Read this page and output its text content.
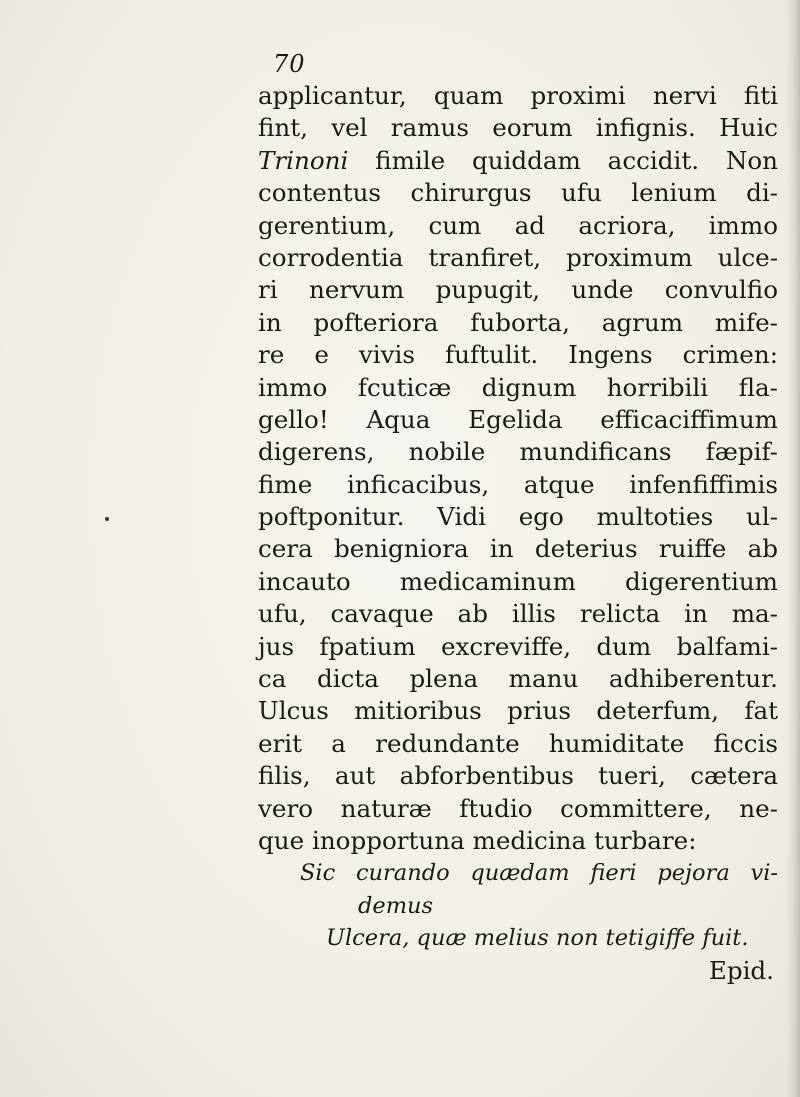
70
applicantur, quam proximi nervi fiti
fint, vel ramus eorum infignis. Huic
Trinoni fimile quiddam accidit. Non
contentus chirurgus ufu lenium di-
gerentium, cum ad acriora, immo
corrodentia tranfiret, proximum ulce-
ri nervum pupugit, unde convulfio
in pofteriora fuborta, agrum mife-
re e vivis fuftulit. Ingens crimen:
immo fcuticæ dignum horribili fla-
gello! Aqua Egelida efficaciffimum
digerens, nobile mundificans fæpif-
fime inficacibus, atque infenfiffimis
poftponitur. Vidi ego multoties ul-
cera benigniora in deterius ruiffe ab
incauto medicaminum digerentium
ufu, cavaque ab illis relicta in ma-
jus fpatium excreviffe, dum balfami-
ca dicta plena manu adhiberentur.
Ulcus mitioribus prius deterfum, fat
erit a redundante humiditate ficcis
filis, aut abforbentibus tueri, cætera
vero naturæ ftudio committere, ne-
que inopportuna medicina turbare:
Sic curando quædam fieri pejora vi-
demus
Ulcera, quæ melius non tetigiffe fuit.
Epid.
